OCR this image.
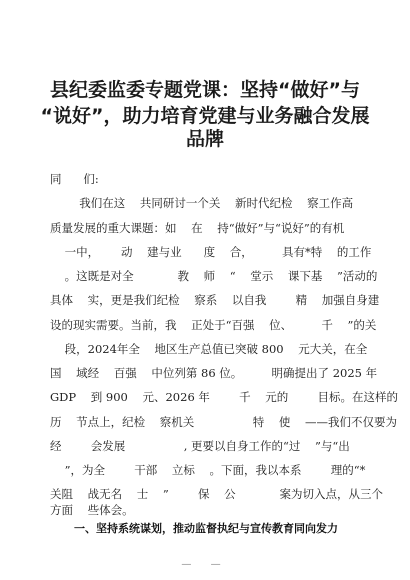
县纪委监委专题党课：坚持“做好”与
“说好”，助力培育党建与业务融合发展
品牌
同      们:
我们在这    共同研讨一个关    新时代纪检    察工作高
质量发展的重大课题：如    在    持“做好”与“说好”的有机
一中，      动    建与业      度    合，        具有*特    的工作
。这既是对全            教    师    “    堂示    课下基    ”活动的
具体    实，更是我们纪检    察系    以自我        精    加强自身建
设的现实需要。当前，我    正处于“百强    位、        千    ”的关
段，2024年全    地区生产总值已突破 800    元大关，在全
国    域经    百强    中位列第 86 位。        明确提出了 2025 年
GDP    到 900    元、2026 年        千    元的        目标。在这样的
历    节点上，纪检    察机关                特    使    ——我们不仅要为
经        会发展                , 更要以自身工作的“过    ”与“出
”，为全        干部    立标    。下面，我以本系        理的“*
关阻    战无名    士    ”        保    公            案为切入点，从三个
方面    些体会。
一、坚持系统谋划，推动监督执纪与宣传教育同向发力
— —
